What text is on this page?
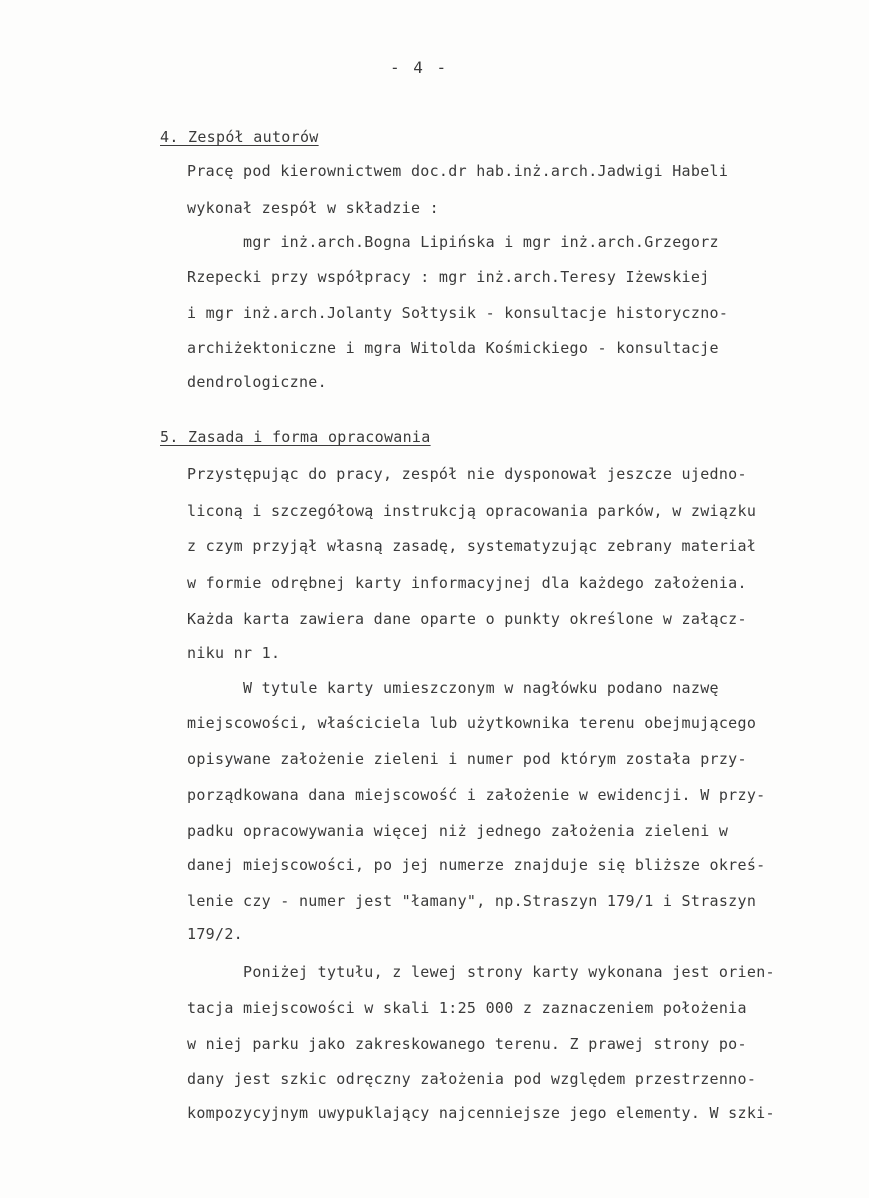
- 4 -
4. Zespół autorów
Pracę pod kierownictwem doc.dr hab.inż.arch.Jadwigi Habeli
wykonał zespół w składzie :
mgr inż.arch.Bogna Lipińska i mgr inż.arch.Grzegorz
Rzepecki przy współpracy : mgr inż.arch.Teresy Iżewskiej
i mgr inż.arch.Jolanty Sołtysik - konsultacje historyczno-
archiżektoniczne i mgra Witolda Kośmickiego - konsultacje
dendrologiczne.
5. Zasada i forma opracowania
Przystępując do pracy, zespół nie dysponował jeszcze ujedno-
liconą i szczegółową instrukcją opracowania parków, w związku
z czym przyjął własną zasadę, systematyzując zebrany materiał
w formie odrębnej karty informacyjnej dla każdego założenia.
Każda karta zawiera dane oparte o punkty określone w załącz-
niku nr 1.
W tytule karty umieszczonym w nagłówku podano nazwę
miejscowości, właściciela lub użytkownika terenu obejmującego
opisywane założenie zieleni i numer pod którym została przy-
porządkowana dana miejscowość i założenie w ewidencji. W przy-
padku opracowywania więcej niż jednego założenia zieleni w
danej miejscowości, po jej numerze znajduje się bliższe okreś-
lenie czy - numer jest "łamany", np.Straszyn 179/1 i Straszyn
179/2.
Poniżej tytułu, z lewej strony karty wykonana jest orien-
tacja miejscowości w skali 1:25 000 z zaznaczeniem położenia
w niej parku jako zakreskowanego terenu. Z prawej strony po-
dany jest szkic odręczny założenia pod względem przestrzenno-
kompozycyjnym uwypuklający najcenniejsze jego elementy. W szki-
